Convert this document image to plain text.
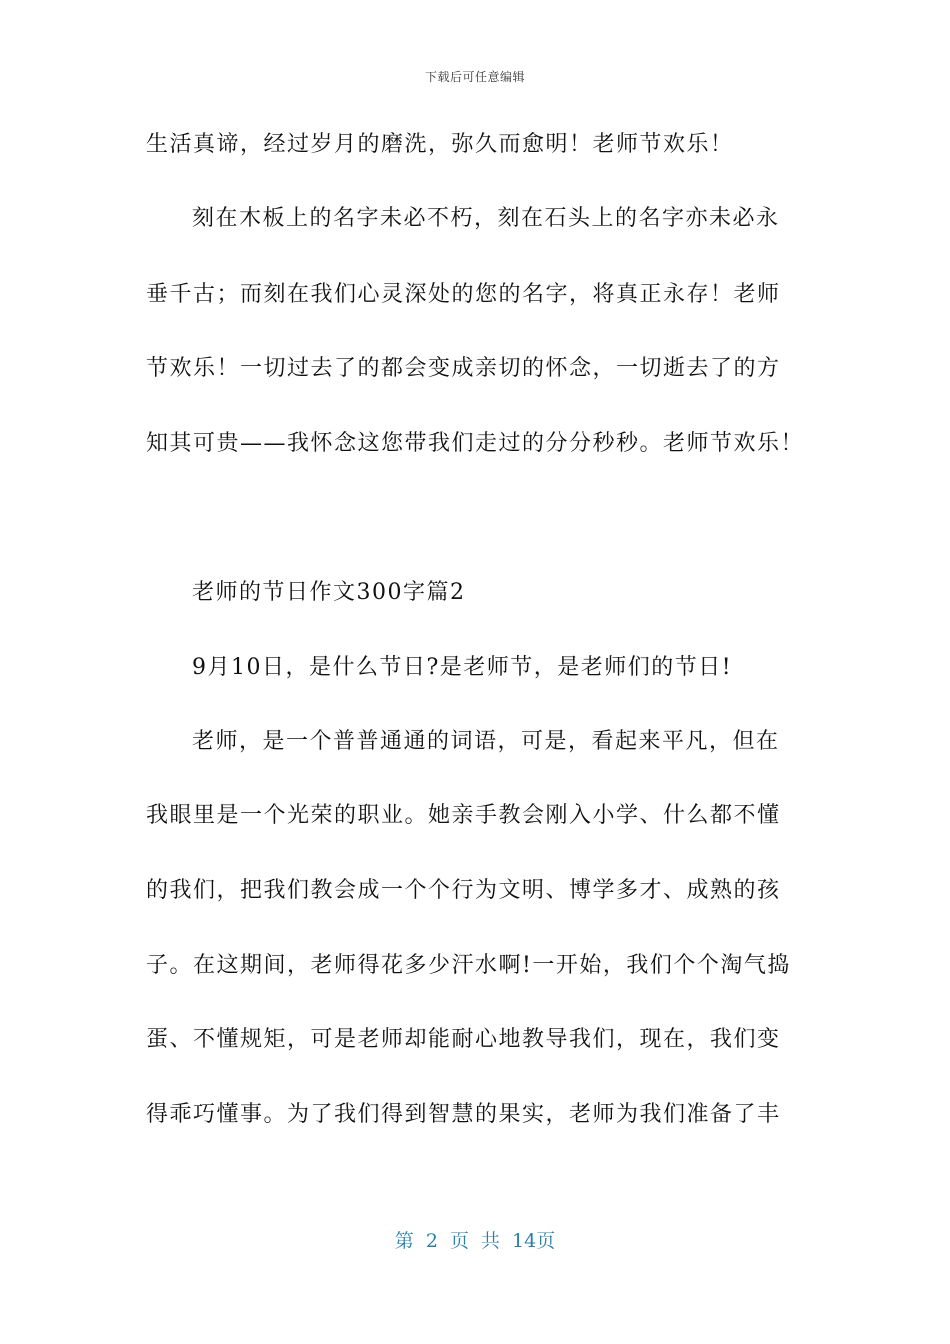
下载后可任意编辑
生活真谛，经过岁月的磨洗，弥久而愈明！老师节欢乐！
刻在木板上的名字未必不朽，刻在石头上的名字亦未必永
垂千古；而刻在我们心灵深处的您的名字，将真正永存！老师
节欢乐！一切过去了的都会变成亲切的怀念，一切逝去了的方
知其可贵——我怀念这您带我们走过的分分秒秒。老师节欢乐！
老师的节日作文300字篇2
9月10日，是什么节日?是老师节，是老师们的节日!
老师，是一个普普通通的词语，可是，看起来平凡，但在
我眼里是一个光荣的职业。她亲手教会刚入小学、什么都不懂
的我们，把我们教会成一个个行为文明、博学多才、成熟的孩
子。在这期间，老师得花多少汗水啊!一开始，我们个个淘气捣
蛋、不懂规矩，可是老师却能耐心地教导我们，现在，我们变
得乖巧懂事。为了我们得到智慧的果实，老师为我们准备了丰
第 2 页 共 14页
